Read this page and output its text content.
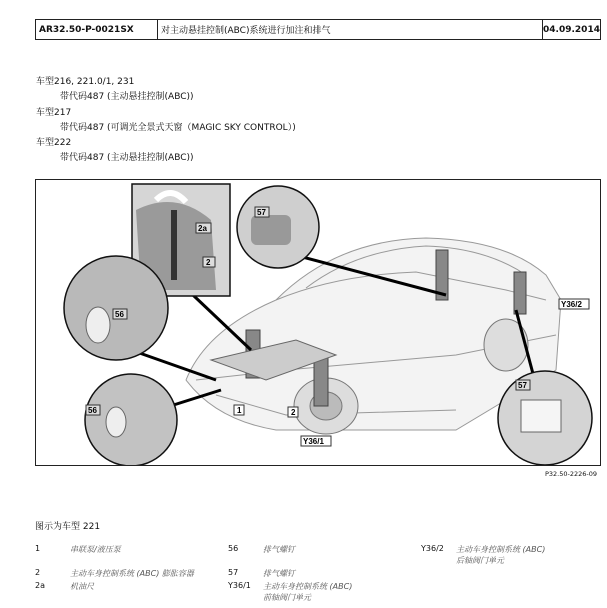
AR32.50-P-0021SX	对主动悬挂控制(ABC)系统进行加注和排气	04.09.2014
车型216, 221.0/1, 231
带代码487 (主动悬挂控制(ABC))
车型217
带代码487 (可调光全景式天窗（MAGIC SKY CONTROL）)
车型222
带代码487 (主动悬挂控制(ABC))
2a
2
57
56
56	1	2
Y36/1
Y36/2
57
P32.50-2226-09
图示为车型 221
1	串联泵/液压泵	56	排气螺钉	Y36/2 主动车身控制系统 (ABC)
后轴阀门单元
2	主动车身控制系统 (ABC) 膨胀容器	57	排气螺钉
2a	机油尺	Y36/1 主动车身控制系统 (ABC)
前轴阀门单元
